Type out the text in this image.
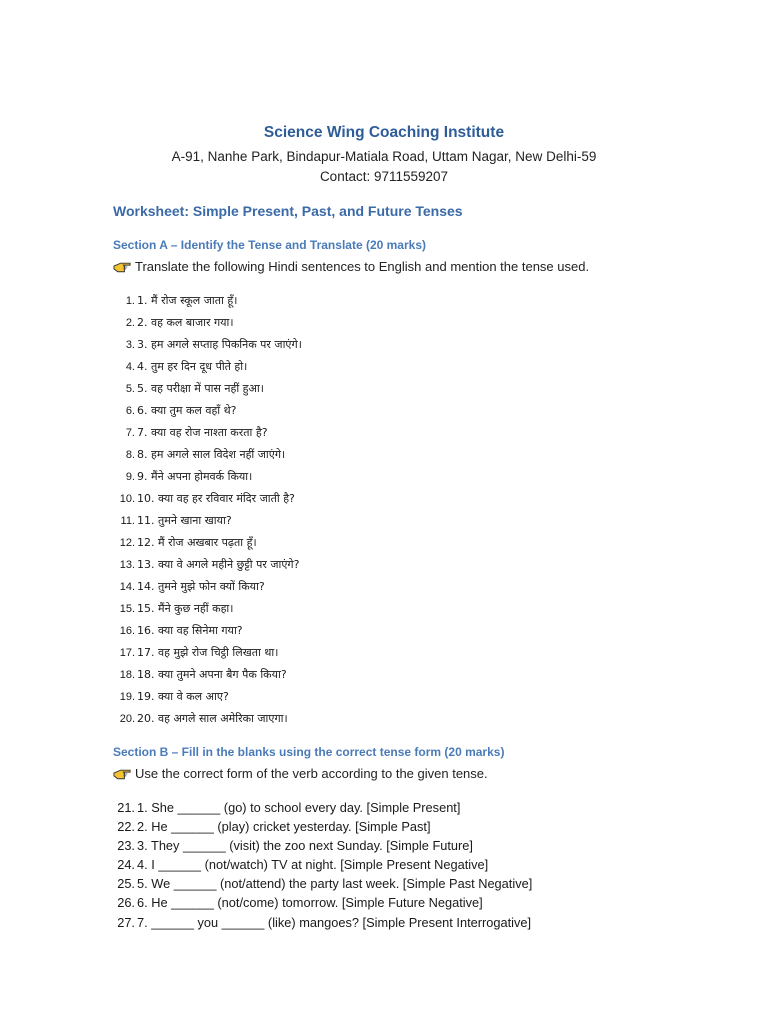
Science Wing Coaching Institute
A-91, Nanhe Park, Bindapur-Matiala Road, Uttam Nagar, New Delhi-59
Contact: 9711559207
Worksheet: Simple Present, Past, and Future Tenses
Section A – Identify the Tense and Translate (20 marks)
Translate the following Hindi sentences to English and mention the tense used.
1. 1. मैं रोज स्कूल जाता हूँ।
2. 2. वह कल बाजार गया।
3. 3. हम अगले सप्ताह पिकनिक पर जाएंगे।
4. 4. तुम हर दिन दूध पीते हो।
5. 5. वह परीक्षा में पास नहीं हुआ।
6. 6. क्या तुम कल वहाँ थे?
7. 7. क्या वह रोज नाश्ता करता है?
8. 8. हम अगले साल विदेश नहीं जाएंगे।
9. 9. मैंने अपना होमवर्क किया।
10. 10. क्या वह हर रविवार मंदिर जाती है?
11. 11. तुमने खाना खाया?
12. 12. मैं रोज अखबार पढ़ता हूँ।
13. 13. क्या वे अगले महीने छुट्टी पर जाएंगे?
14. 14. तुमने मुझे फोन क्यों किया?
15. 15. मैंने कुछ नहीं कहा।
16. 16. क्या वह सिनेमा गया?
17. 17. वह मुझे रोज चिट्ठी लिखता था।
18. 18. क्या तुमने अपना बैग पैक किया?
19. 19. क्या वे कल आए?
20. 20. वह अगले साल अमेरिका जाएगा।
Section B – Fill in the blanks using the correct tense form (20 marks)
Use the correct form of the verb according to the given tense.
21. 1. She ______ (go) to school every day. [Simple Present]
22. 2. He ______ (play) cricket yesterday. [Simple Past]
23. 3. They ______ (visit) the zoo next Sunday. [Simple Future]
24. 4. I ______ (not/watch) TV at night. [Simple Present Negative]
25. 5. We ______ (not/attend) the party last week. [Simple Past Negative]
26. 6. He ______ (not/come) tomorrow. [Simple Future Negative]
27. 7. ______ you ______ (like) mangoes? [Simple Present Interrogative]
